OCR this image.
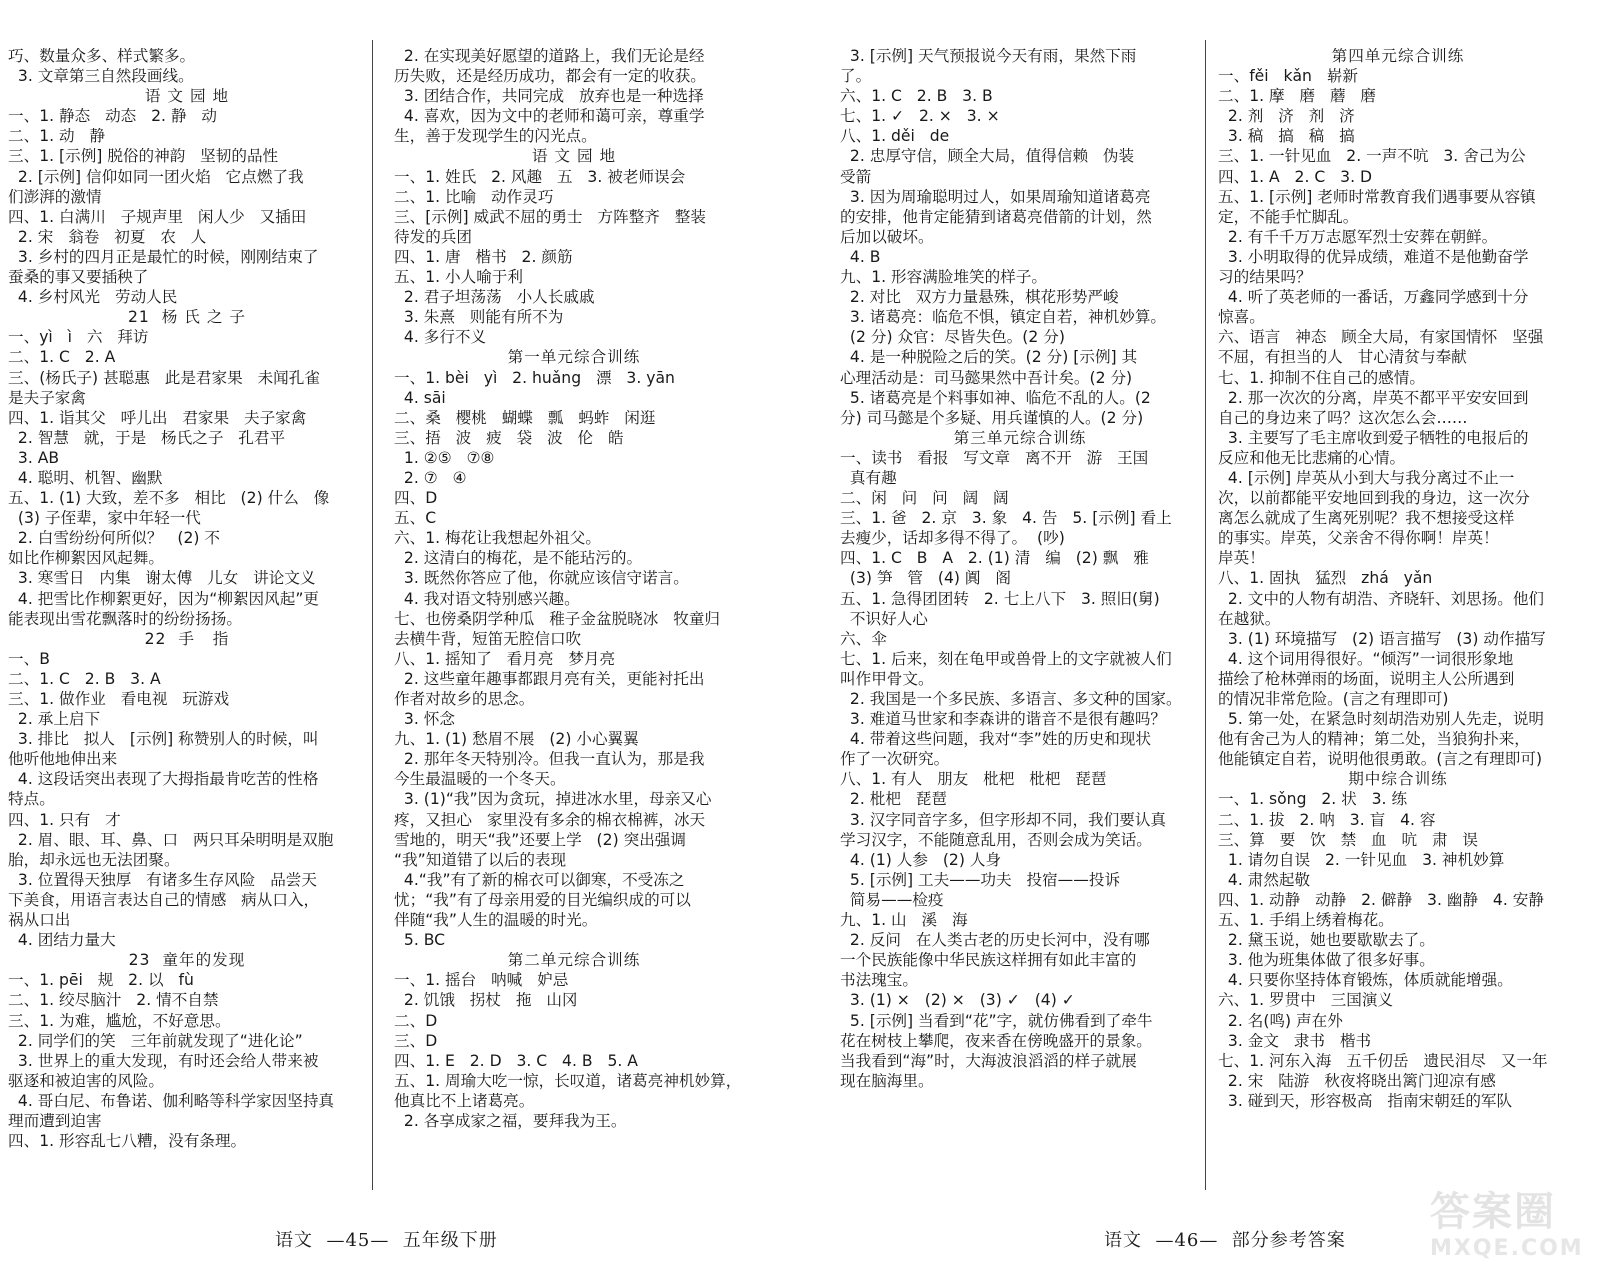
巧、数量众多、样式繁多。
3. 文章第三自然段画线。
语 文 园 地
一、1. 静态   动态   2. 静   动
二、1. 动   静
三、1. [示例] 脱俗的神韵   坚韧的品性
2. [示例] 信仰如同一团火焰   它点燃了我
们澎湃的激情
四、1. 白满川   子规声里   闲人少   又插田
2. 宋   翁卷   初夏   农   人
3. 乡村的四月正是最忙的时候，刚刚结束了
蚕桑的事又要插秧了
4. 乡村风光   劳动人民
21  杨 氏 之 子
一、yì   ì   六   拜访
二、1. C   2. A
三、(杨氏子) 甚聪惠   此是君家果   未闻孔雀
是夫子家禽
四、1. 诣其父   呼儿出   君家果   夫子家禽
2. 智慧   就，于是   杨氏之子   孔君平
3. AB
4. 聪明、机智、幽默
五、1. (1) 大致，差不多   相比   (2) 什么   像
(3) 子侄辈，家中年轻一代
2. 白雪纷纷何所似？   (2) 不
如比作柳絮因风起舞。
3. 寒雪日   内集   谢太傅   儿女   讲论文义
4. 把雪比作柳絮更好，因为“柳絮因风起”更
能表现出雪花飘落时的纷纷扬扬。
22  手   指
一、B
二、1. C   2. B   3. A
三、1. 做作业   看电视   玩游戏
2. 承上启下
3. 排比   拟人   [示例] 称赞别人的时候，叫
他听他地伸出来
4. 这段话突出表现了大拇指最肯吃苦的性格
特点。
四、1. 只有   才
2. 眉、眼、耳、鼻、口   两只耳朵明明是双胞
胎，却永远也无法团聚。
3. 位置得天独厚   有诸多生存风险   品尝天
下美食，用语言表达自己的情感   病从口入，
祸从口出
4. 团结力量大
23  童年的发现
一、1. pēi   规   2. 以   fù
二、1. 绞尽脑汁   2. 情不自禁
三、1. 为难，尴尬，不好意思。
2. 同学们的笑   三年前就发现了“进化论”
3. 世界上的重大发现，有时还会给人带来被
驱逐和被迫害的风险。
4. 哥白尼、布鲁诺、伽利略等科学家因坚持真
理而遭到迫害
四、1. 形容乱七八糟，没有条理。
2. 在实现美好愿望的道路上，我们无论是经
历失败，还是经历成功，都会有一定的收获。
3. 团结合作，共同完成   放弃也是一种选择
4. 喜欢，因为文中的老师和蔼可亲，尊重学
生，善于发现学生的闪光点。
语 文 园 地
一、1. 姓氏   2. 风趣   五   3. 被老师误会
二、1. 比喻   动作灵巧
三、[示例] 威武不屈的勇士   方阵整齐   整装
待发的兵团
四、1. 唐   楷书   2. 颜筋
五、1. 小人喻于利
2. 君子坦荡荡   小人长戚戚
3. 朱熹   则能有所不为
4. 多行不义
第一单元综合训练
一、1. bèi   yì   2. huǎng   漂   3. yān
4. sāi
二、桑   樱桃   蝴蝶   瓢   蚂蚱   闲逛
三、捂   波   疲   袋   波   伦   皓
1. ②⑤   ⑦⑧
2. ⑦   ④
四、D
五、C
六、1. 梅花让我想起外祖父。
2. 这清白的梅花，是不能玷污的。
3. 既然你答应了他，你就应该信守诺言。
4. 我对语文特别感兴趣。
七、也傍桑阴学种瓜   稚子金盆脱晓冰   牧童归
去横牛背，短笛无腔信口吹
八、1. 摇知了   看月亮   梦月亮
2. 这些童年趣事都跟月亮有关，更能衬托出
作者对故乡的思念。
3. 怀念
九、1. (1) 愁眉不展   (2) 小心翼翼
2. 那年冬天特别冷。但我一直认为，那是我
今生最温暖的一个冬天。
3. (1)“我”因为贪玩，掉进冰水里，母亲又心
疼，又担心   家里没有多余的棉衣棉裤，冰天
雪地的，明天“我”还要上学   (2) 突出强调
“我”知道错了以后的表现
4.“我”有了新的棉衣可以御寒，不受冻之
忧；“我”有了母亲用爱的目光编织成的可以
伴随“我”人生的温暖的时光。
5. BC
第二单元综合训练
一、1. 摇台   呐喊   妒忌
2. 饥饿   拐杖   拖   山冈
二、D
三、D
四、1. E   2. D   3. C   4. B   5. A
五、1. 周瑜大吃一惊，长叹道，诸葛亮神机妙算，
他真比不上诸葛亮。
2. 各享成家之福，要拜我为王。
语文  —45—  五年级下册
3. [示例] 天气预报说今天有雨，果然下雨
了。
六、1. C   2. B   3. B
七、1. ✓   2. ×   3. ×
八、1. děi   de
2. 忠厚守信，顾全大局，值得信赖   伪装
受箭
3. 因为周瑜聪明过人，如果周瑜知道诸葛亮
的安排，他肯定能猜到诸葛亮借箭的计划，然
后加以破坏。
4. B
九、1. 形容满脸堆笑的样子。
2. 对比   双方力量悬殊，棋花形势严峻
3. 诸葛亮：临危不惧，镇定自若，神机妙算。
(2 分) 众官：尽皆失色。(2 分)
4. 是一种脱险之后的笑。(2 分) [示例] 其
心理活动是：司马懿果然中吾计矣。(2 分)
5. 诸葛亮是个料事如神、临危不乱的人。(2
分) 司马懿是个多疑、用兵谨慎的人。(2 分)
第三单元综合训练
一、读书   看报   写文章   离不开   游   王国
真有趣
二、闲   问   问   阔   阔
三、1. 爸   2. 京   3. 象   4. 告   5. [示例] 看上
去瘦少，话却多得不得了。  (吵)
四、1. C   B   A   2. (1) 清   编   (2) 飘   雅
(3) 笋   管   (4) 阗   阁
五、1. 急得团团转   2. 七上八下   3. 照旧(舅)
不识好人心
六、伞
七、1. 后来，刻在龟甲或兽骨上的文字就被人们
叫作甲骨文。
2. 我国是一个多民族、多语言、多文种的国家。
3. 难道马世家和李森讲的谐音不是很有趣吗？
4. 带着这些问题，我对“李”姓的历史和现状
作了一次研究。
八、1. 有人   朋友   枇杷   枇杷   琵琶
2. 枇杷   琵琶
3. 汉字同音字多，但字形却不同，我们要认真
学习汉字，不能随意乱用，否则会成为笑话。
4. (1) 人参   (2) 人身
5. [示例] 工夫——功夫   投宿——投诉
简易——检疫
九、1. 山   溪   海
2. 反问   在人类古老的历史长河中，没有哪
一个民族能像中华民族这样拥有如此丰富的
书法瑰宝。
3. (1) ×   (2) ×   (3) ✓   (4) ✓
5. [示例] 当看到“花”字，就仿佛看到了牵牛
花在树枝上攀爬，夜来香在傍晚盛开的景象。
当我看到“海”时，大海波浪滔滔的样子就展
现在脑海里。
第四单元综合训练
一、fěi   kǎn   崭新
二、1. 摩   磨   蘑   磨
2. 剂   济   剂   济
3. 稿   搞   稿   搞
三、1. 一针见血   2. 一声不吭   3. 舍己为公
四、1. A   2. C   3. D
五、1. [示例] 老师时常教育我们遇事要从容镇
定，不能手忙脚乱。
2. 有千千万万志愿军烈士安葬在朝鲜。
3. 小明取得的优异成绩，难道不是他勤奋学
习的结果吗？
4. 听了英老师的一番话，万鑫同学感到十分
惊喜。
六、语言   神态   顾全大局，有家国情怀   坚强
不屈，有担当的人   甘心清贫与奉献
七、1. 抑制不住自己的感情。
2. 那一次次的分离，岸英不都平平安安回到
自己的身边来了吗？这次怎么会……
3. 主要写了毛主席收到爱子牺牲的电报后的
反应和他无比悲痛的心情。
4. [示例] 岸英从小到大与我分离过不止一
次，以前都能平安地回到我的身边，这一次分
离怎么就成了生离死别呢？我不想接受这样
的事实。岸英，父亲舍不得你啊！岸英！
岸英！
八、1. 固执   猛烈   zhá   yǎn
2. 文中的人物有胡浩、齐晓轩、刘思扬。他们
在越狱。
3. (1) 环境描写   (2) 语言描写   (3) 动作描写
4. 这个词用得很好。“倾泻”一词很形象地
描绘了枪林弹雨的场面，说明主人公所遇到
的情况非常危险。(言之有理即可)
5. 第一处，在紧急时刻胡浩劝别人先走，说明
他有舍己为人的精神；第二处，当狼狗扑来，
他能镇定自若，说明他很勇敢。(言之有理即可)
期中综合训练
一、1. sǒng   2. 状   3. 练
二、1. 拔   2. 呐   3. 盲   4. 容
三、算   要   饮   禁   血   吭   肃   误
1. 请勿自误   2. 一针见血   3. 神机妙算
4. 肃然起敬
四、1. 动静   动静   2. 僻静   3. 幽静   4. 安静
五、1. 手绢上绣着梅花。
2. 黛玉说，她也要歇歇去了。
3. 他为班集体做了很多好事。
4. 只要你坚持体育锻炼，体质就能增强。
六、1. 罗贯中   三国演义
2. 名(鸣) 声在外
3. 金文   隶书   楷书
七、1. 河东入海   五千仞岳   遗民泪尽   又一年
2. 宋   陆游   秋夜将晓出篱门迎凉有感
3. 碰到天，形容极高   指南宋朝廷的军队
语文  —46—  部分参考答案
答案圈
MXQE.COM
